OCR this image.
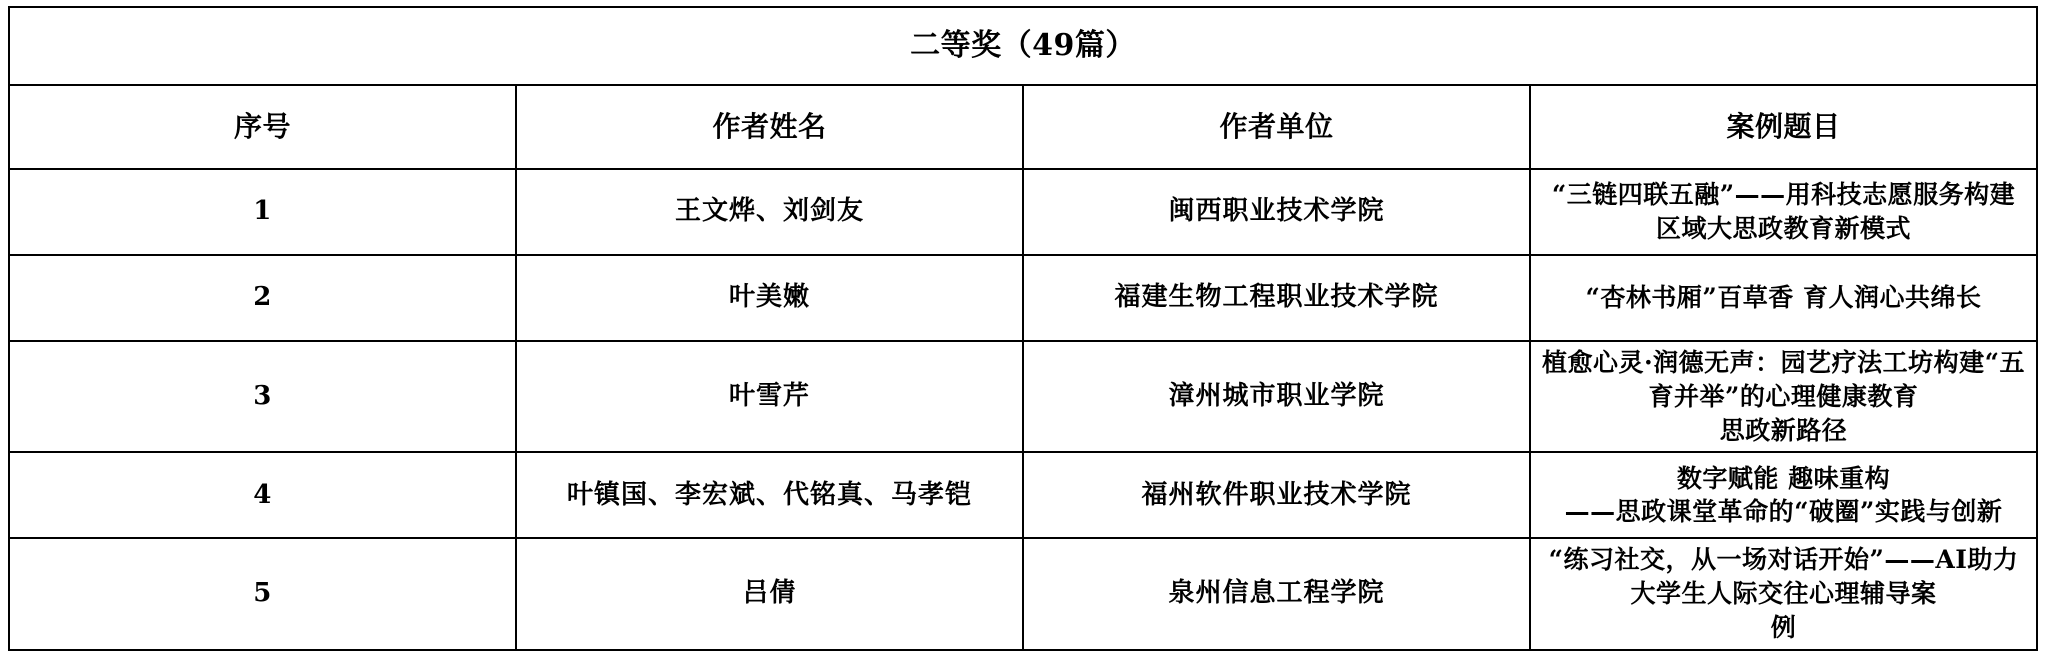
二等奖（49篇）			
序号	作者姓名	作者单位	案例题目
1	王文烨、刘剑友	闽西职业技术学院	“三链四联五融”——用科技志愿服务构建区域大思政教育新模式

2	叶美嫩	福建生物工程职业技术学院	“杏林书厢”百草香 育人润心共绵长

3	叶雪芹	漳州城市职业学院	植愈心灵·润德无声：园艺疗法工坊构建“五育并举”的心理健康教育
思政新路径

4	叶镇国、李宏斌、代铭真、马孝铠	福州软件职业技术学院	数字赋能 趣味重构
——思政课堂革命的“破圈”实践与创新

5	吕倩	泉州信息工程学院	“练习社交，从一场对话开始”——AI助力大学生人际交往心理辅导案
例
